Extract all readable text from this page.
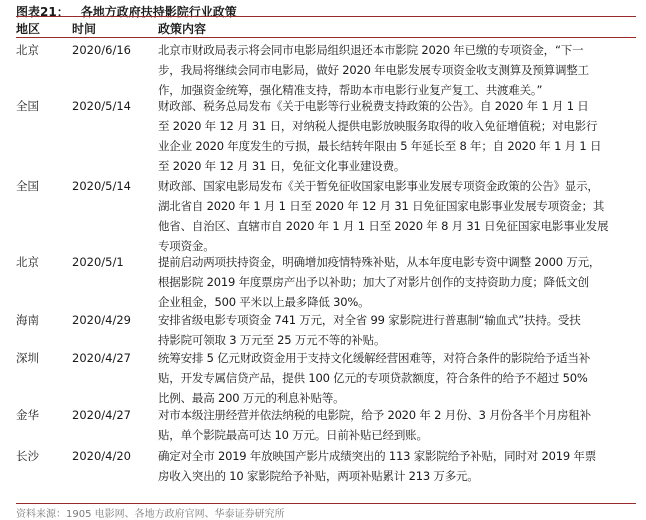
图表21： 各地方政府扶持影院行业政策
地区	时间	政策内容
北京	2020/6/16 北京市财政局表示将会同市电影局组织退还本市影院 2020 年已缴的专项资金，“下一
步，我局将继续会同市电影局，做好 2020 年电影发展专项资金收支测算及预算调整工
作，加强资金统筹，强化精准支持，帮助本市电影行业复产复工、共渡难关。”
全国	2020/5/14 财政部、税务总局发布《关于电影等行业税费支持政策的公告》。自 2020 年 1 月 1 日
至 2020 年 12 月 31 日，对纳税人提供电影放映服务取得的收入免征增值税；对电影行
业企业 2020 年度发生的亏损，最长结转年限由 5 年延长至 8 年；自 2020 年 1 月 1 日
至 2020 年 12 月 31 日，免征文化事业建设费。
全国	2020/5/14 财政部、国家电影局发布《关于暂免征收国家电影事业发展专项资金政策的公告》显示，
湖北省自 2020 年 1 月 1 日至 2020 年 12 月 31 日免征国家电影事业发展专项资金；其
他省、自治区、直辖市自 2020 年 1 月 1 日至 2020 年 8 月 31 日免征国家电影事业发展
专项资金。
北京	2020/5/1	提前启动两项扶持资金，明确增加疫情特殊补贴，从本年度电影专资中调整 2000 万元，
根据影院 2019 年度票房产出予以补助；加大了对影片创作的支持资助力度；降低文创
企业租金，500 平米以上最多降低 30%。
海南	2020/4/29 安排省级电影专项资金 741 万元，对全省 99 家影院进行普惠制“输血式”扶持。受扶
持影院可领取 3 万元至 25 万元不等的补贴。
深圳	2020/4/27 统筹安排 5 亿元财政资金用于支持文化缓解经营困难等，对符合条件的影院给予适当补
贴，开发专属信贷产品，提供 100 亿元的专项贷款额度，符合条件的给予不超过 50%
比例、最高 200 万元的利息补贴等。
金华	2020/4/27 对市本级注册经营并依法纳税的电影院，给予 2020 年 2 月份、3 月份各半个月房租补
贴，单个影院最高可达 10 万元。日前补贴已经到账。
长沙	2020/4/20 确定对全市 2019 年放映国产影片成绩突出的 113 家影院给予补贴，同时对 2019 年票
房收入突出的 10 家影院给予补贴，两项补贴累计 213 万多元。
资料来源：1905 电影网、各地方政府官网、华泰证券研究所
